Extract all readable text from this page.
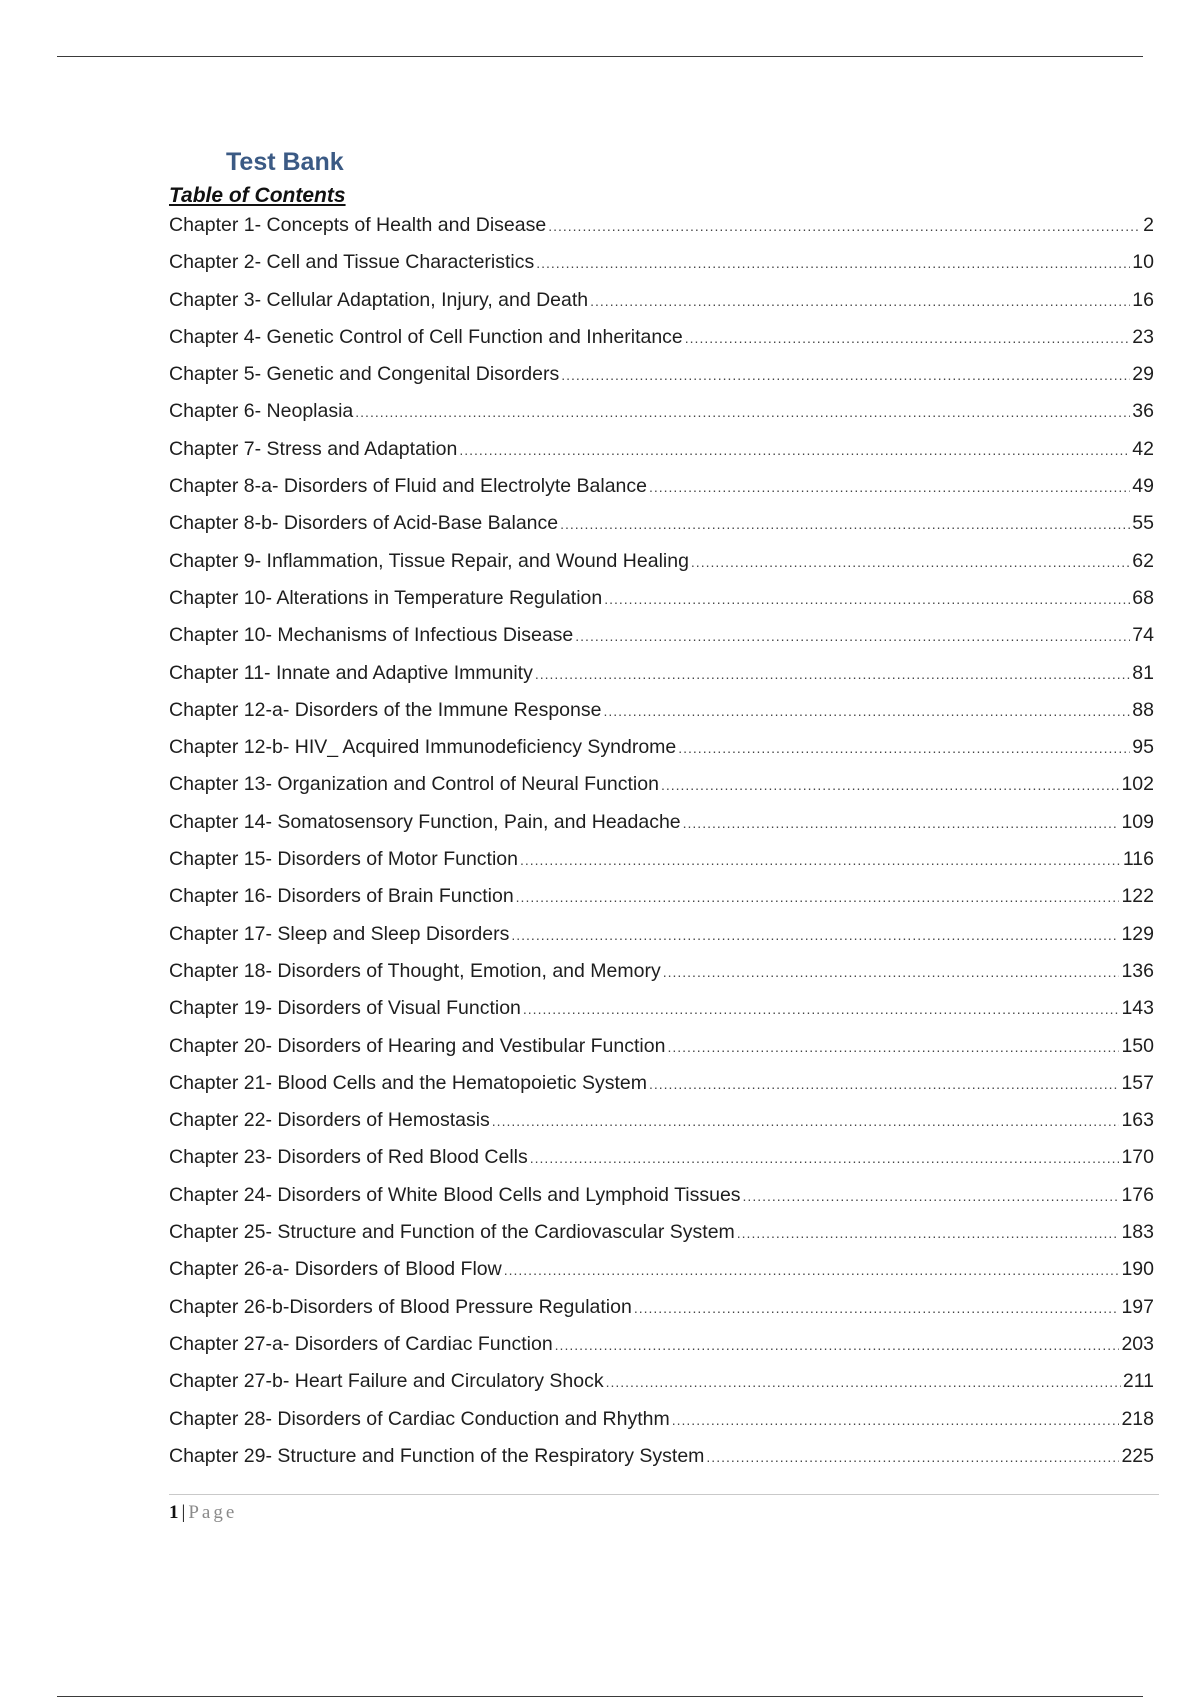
Test Bank
Table of Contents
Chapter 1- Concepts of Health and Disease .....	2
Chapter 2- Cell and Tissue Characteristics .....	10
Chapter 3- Cellular Adaptation, Injury, and Death .....	16
Chapter 4- Genetic Control of Cell Function and Inheritance .....	23
Chapter 5- Genetic and Congenital Disorders .....	29
Chapter 6- Neoplasia .....	36
Chapter 7- Stress and Adaptation .....	42
Chapter 8-a- Disorders of Fluid and Electrolyte Balance .....	49
Chapter 8-b- Disorders of Acid-Base Balance .....	55
Chapter 9- Inflammation, Tissue Repair, and Wound Healing .....	62
Chapter 10- Alterations in Temperature Regulation .....	68
Chapter 10- Mechanisms of Infectious Disease .....	74
Chapter 11- Innate and Adaptive Immunity .....	81
Chapter 12-a- Disorders of the Immune Response .....	88
Chapter 12-b- HIV_ Acquired Immunodeficiency Syndrome .....	95
Chapter 13- Organization and Control of Neural Function .....	102
Chapter 14- Somatosensory Function, Pain, and Headache .....	109
Chapter 15- Disorders of Motor Function .....	116
Chapter 16- Disorders of Brain Function .....	122
Chapter 17- Sleep and Sleep Disorders .....	129
Chapter 18- Disorders of Thought, Emotion, and Memory .....	136
Chapter 19- Disorders of Visual Function .....	143
Chapter 20- Disorders of Hearing and Vestibular Function .....	150
Chapter 21- Blood Cells and the Hematopoietic System .....	157
Chapter 22- Disorders of Hemostasis .....	163
Chapter 23- Disorders of Red Blood Cells .....	170
Chapter 24- Disorders of White Blood Cells and Lymphoid Tissues .....	176
Chapter 25- Structure and Function of the Cardiovascular System .....	183
Chapter 26-a- Disorders of Blood Flow .....	190
Chapter 26-b-Disorders of Blood Pressure Regulation .....	197
Chapter 27-a- Disorders of Cardiac Function .....	203
Chapter 27-b- Heart Failure and Circulatory Shock .....	211
Chapter 28- Disorders of Cardiac Conduction and Rhythm .....	218
Chapter 29- Structure and Function of the Respiratory System .....	225
1 | Page
